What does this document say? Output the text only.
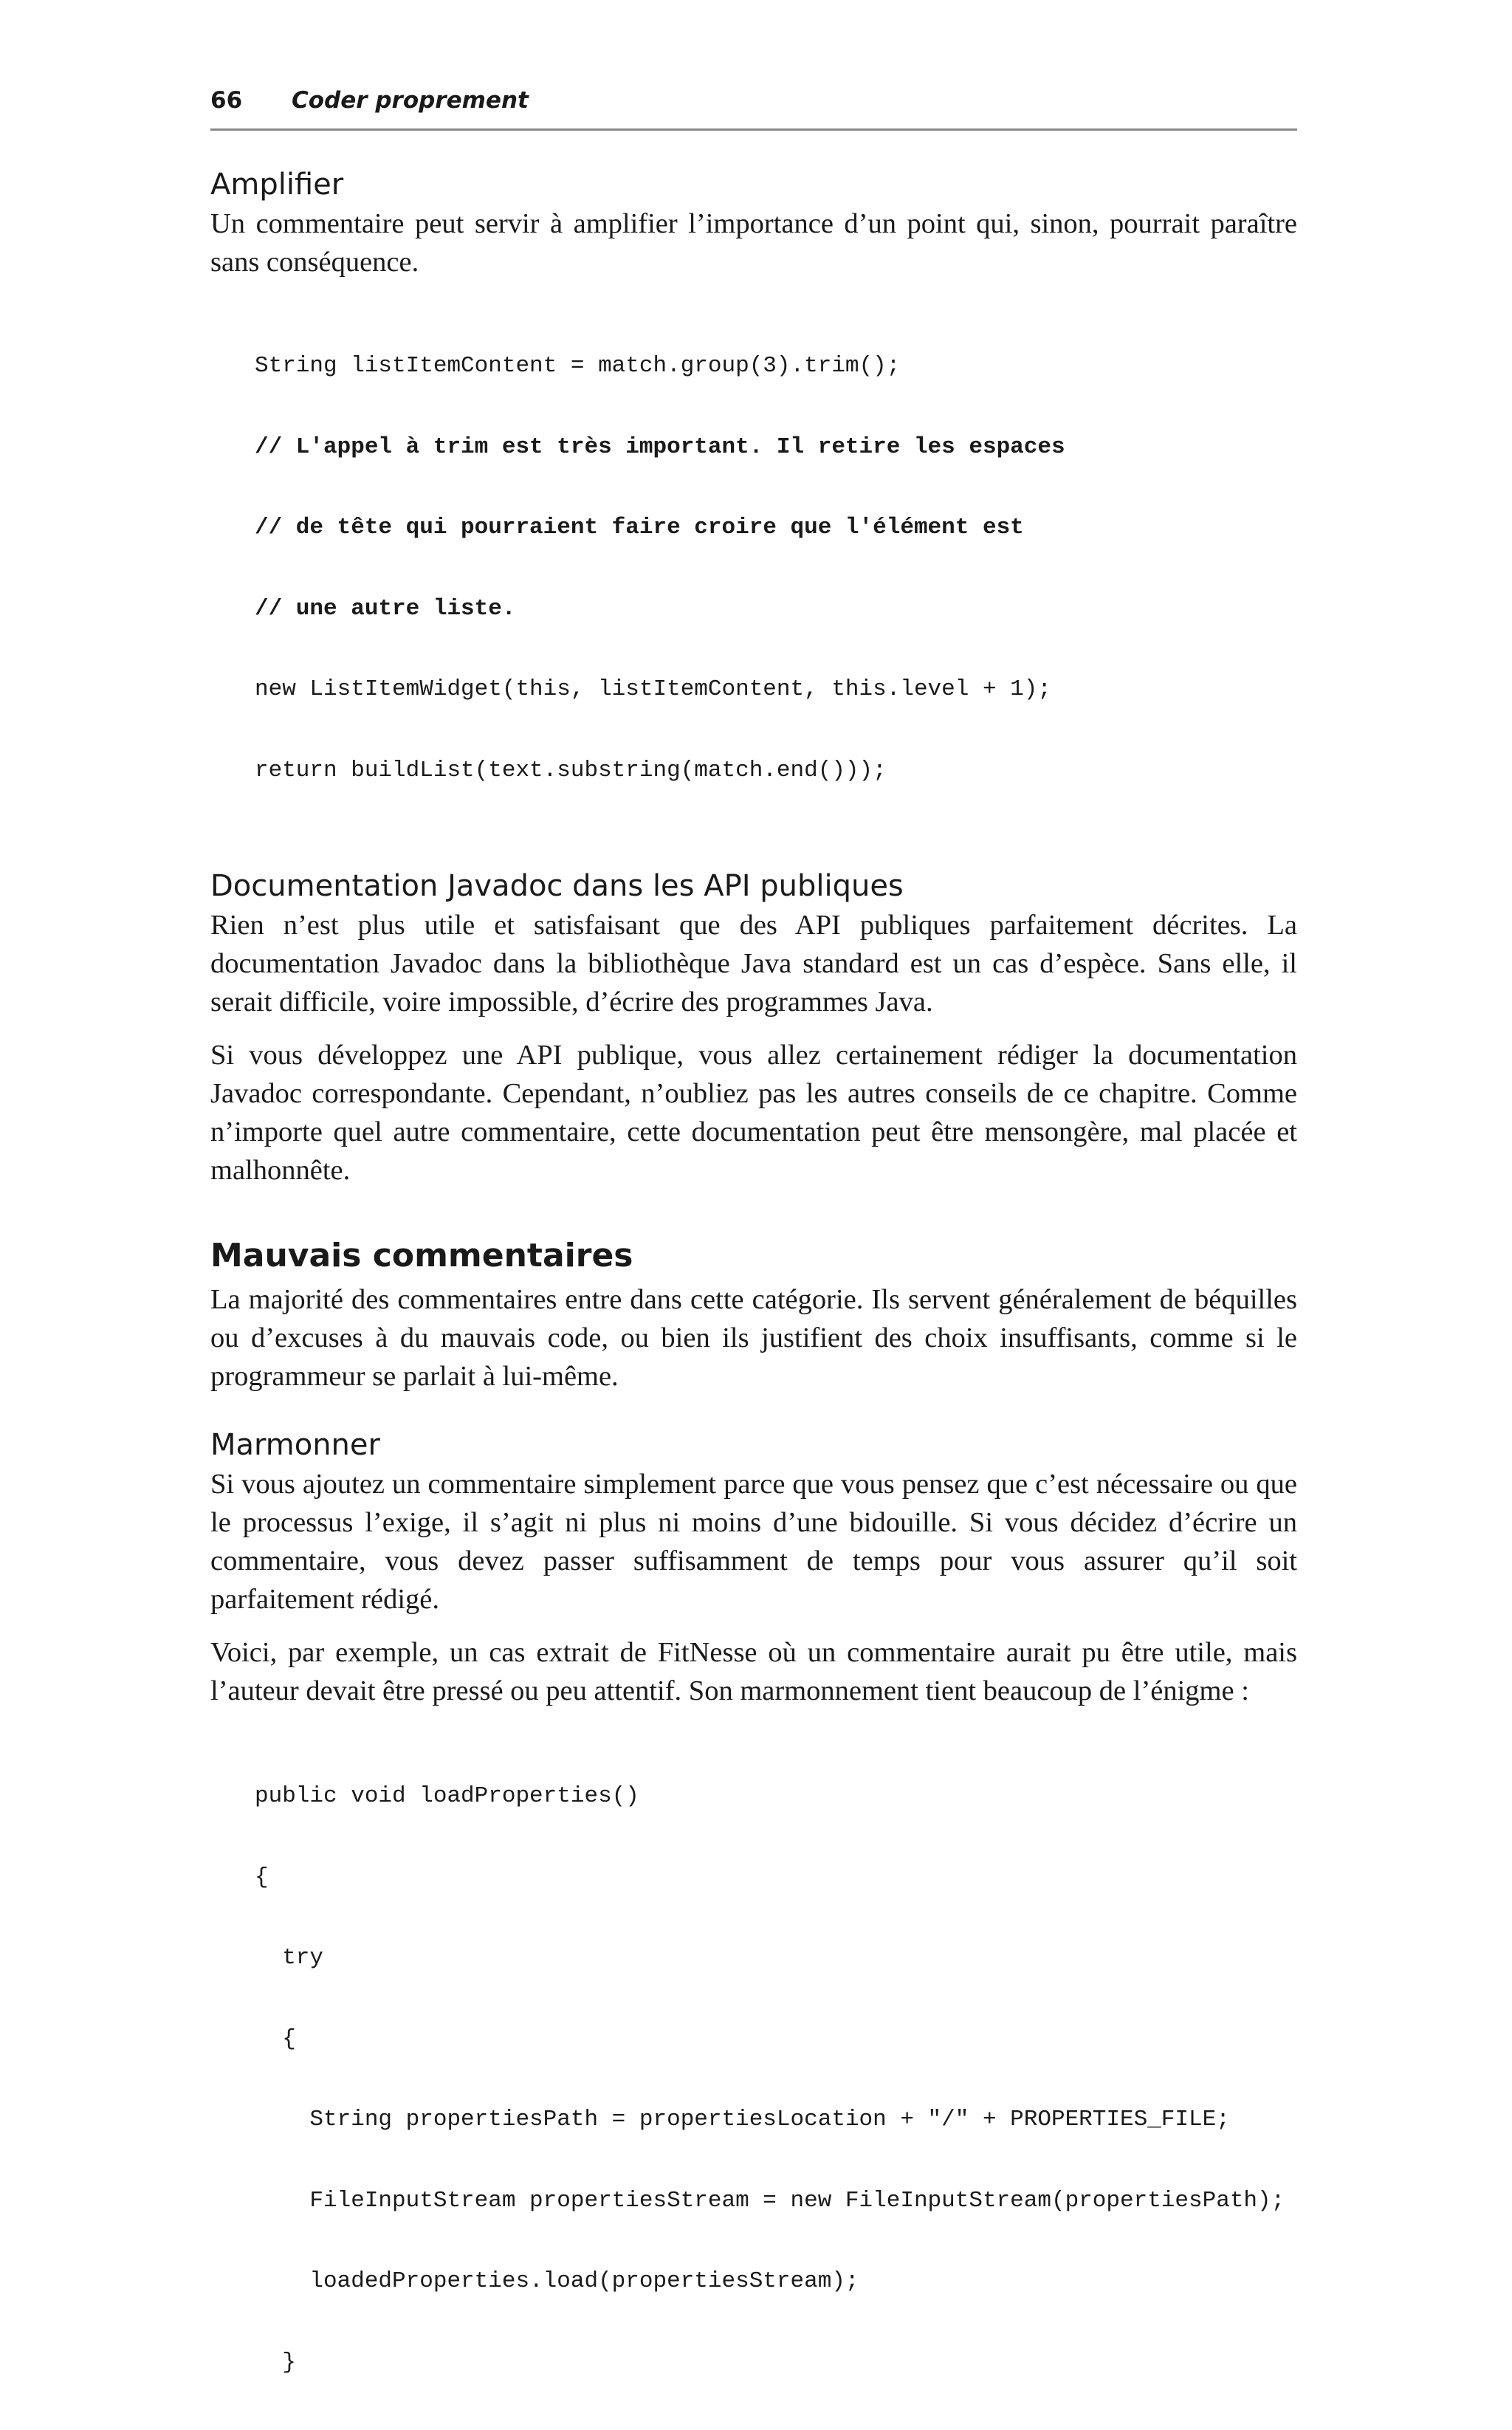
66	Coder proprement
Amplifier

Un commentaire peut servir à amplifier l’importance d’un point qui, sinon, pourrait paraître sans conséquence.

String listItemContent = match.group(3).trim();

// L'appel à trim est très important. Il retire les espaces

// de tête qui pourraient faire croire que l'élément est

// une autre liste.

new ListItemWidget(this, listItemContent, this.level + 1);

return buildList(text.substring(match.end()));

Documentation Javadoc dans les API publiques

Rien n’est plus utile et satisfaisant que des API publiques parfaitement décrites. La documentation Javadoc dans la bibliothèque Java standard est un cas d’espèce. Sans elle, il serait difficile, voire impossible, d’écrire des programmes Java.

Si vous développez une API publique, vous allez certainement rédiger la documentation Javadoc correspondante. Cependant, n’oubliez pas les autres conseils de ce chapitre. Comme n’importe quel autre commentaire, cette documentation peut être mensongère, mal placée et malhonnête.

Mauvais commentaires

La majorité des commentaires entre dans cette catégorie. Ils servent généralement de béquilles ou d’excuses à du mauvais code, ou bien ils justifient des choix insuffisants, comme si le programmeur se parlait à lui-même.

Marmonner

Si vous ajoutez un commentaire simplement parce que vous pensez que c’est nécessaire ou que le processus l’exige, il s’agit ni plus ni moins d’une bidouille. Si vous décidez d’écrire un commentaire, vous devez passer suffisamment de temps pour vous assurer qu’il soit parfaitement rédigé.

Voici, par exemple, un cas extrait de FitNesse où un commentaire aurait pu être utile, mais l’auteur devait être pressé ou peu attentif. Son marmonnement tient beaucoup de l’énigme :

public void loadProperties()

{

try

{

String propertiesPath = propertiesLocation + "/" + PROPERTIES_FILE;

FileInputStream propertiesStream = new FileInputStream(propertiesPath);

loadedProperties.load(propertiesStream);

}
